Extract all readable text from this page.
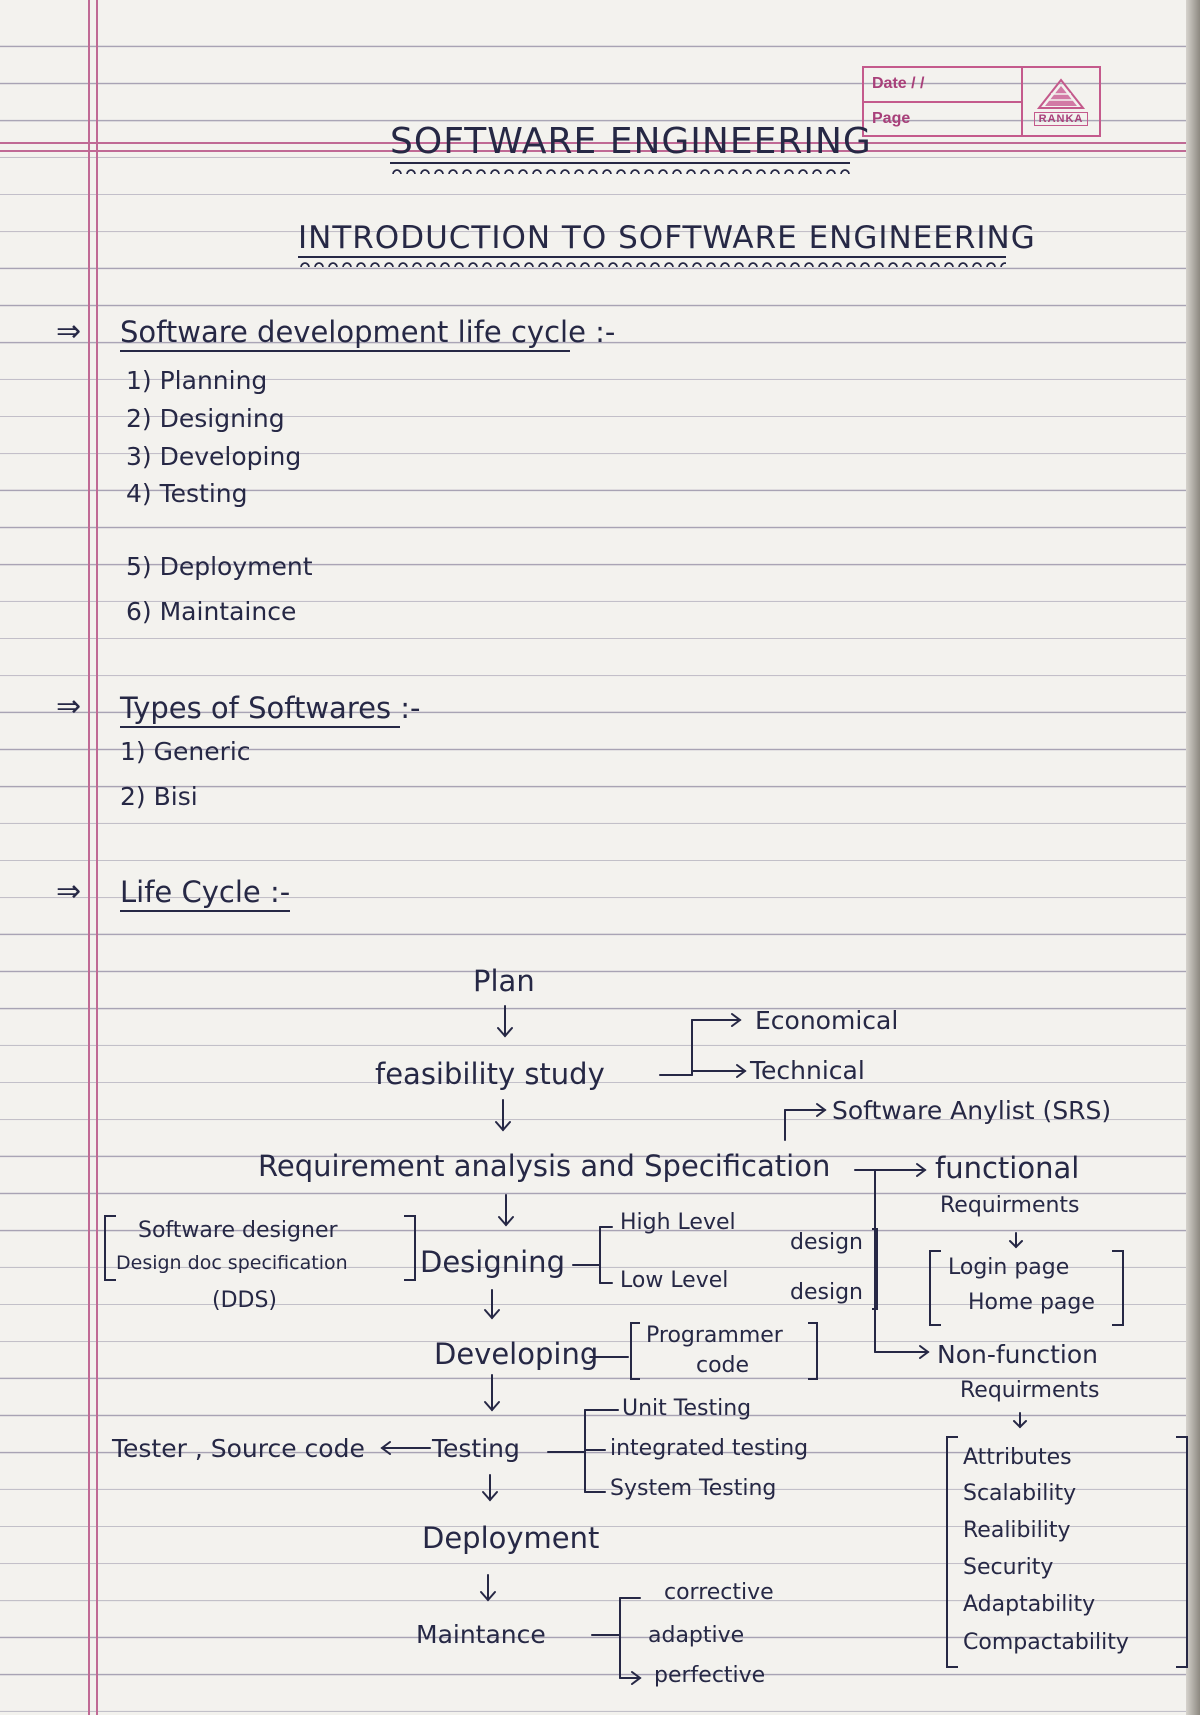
Date / /
Page	RANKA
SOFTWARE ENGINEERING
INTRODUCTION TO SOFTWARE ENGINEERING
⇒ Software development life cycle :-
1) Planning
2) Designing
3) Developing
4) Testing
5) Deployment
6) Maintaince
⇒ Types of Softwares :-
1) Generic
2) Bisi
⇒ Life Cycle :-
Plan
feasibility study
Economical
Technical
Software Anylist (SRS)
Requirement analysis and Specification	functional
Requirments
Login page
Home page
Non-function
Requirments
Attributes
Scalability
Realibility
Security
Adaptability
Compactability
Software designer
Design doc specification
(DDS)
Designing
High Level
design
Low Level	design
Developing
Programmer
code
Unit Testing
integrated testing
System Testing
Tester , Source code	Testing
Deployment
Maintance
corrective
adaptive
perfective
